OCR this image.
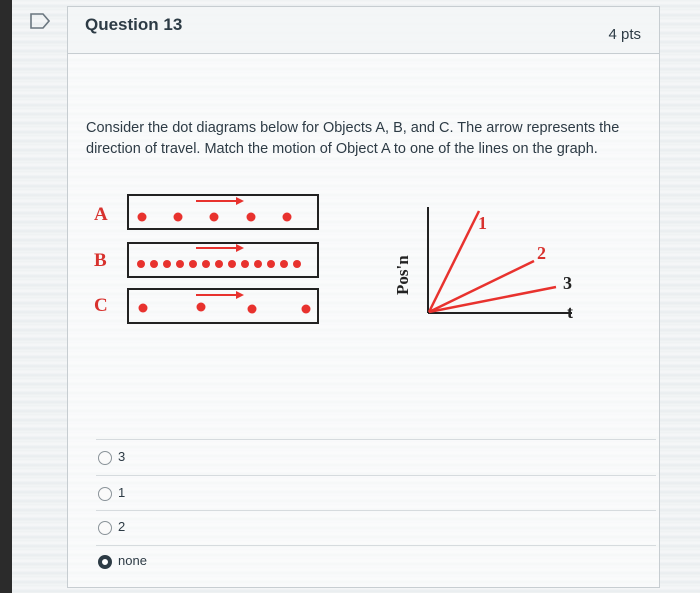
Question 13
4 pts
Consider the dot diagrams below for Objects A, B, and C. The arrow represents the direction of travel. Match the motion of Object A to one of the lines on the graph.
A
B
C
Pos'n
1
2
3
t
3
1
2
none
